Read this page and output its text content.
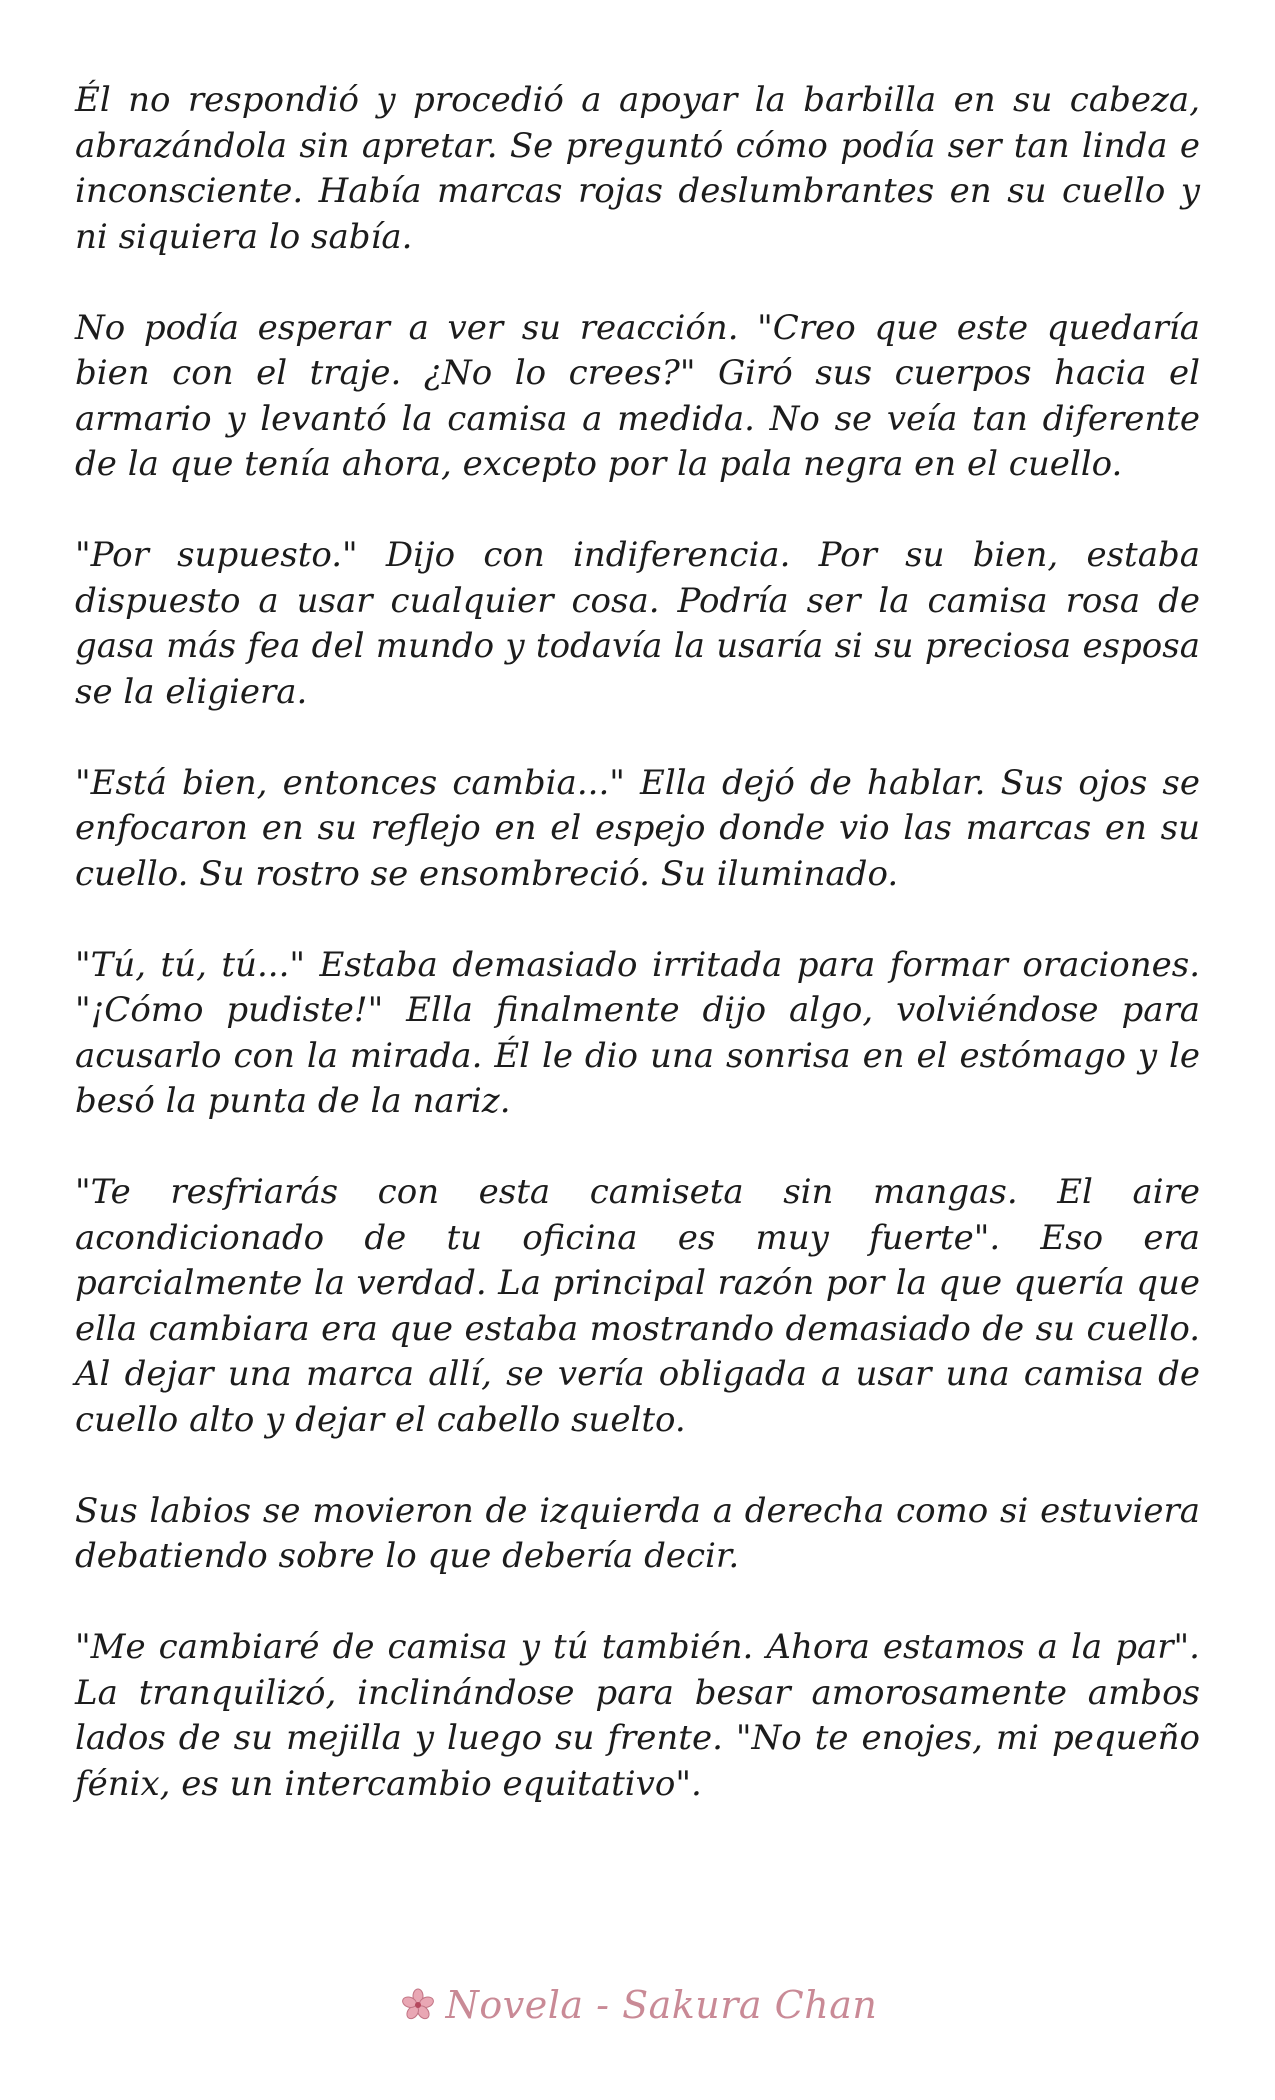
Él no respondió y procedió a apoyar la barbilla en su cabeza, abrazándola sin apretar. Se preguntó cómo podía ser tan linda e inconsciente. Había marcas rojas deslumbrantes en su cuello y ni siquiera lo sabía.

No podía esperar a ver su reacción. "Creo que este quedaría bien con el traje. ¿No lo crees?" Giró sus cuerpos hacia el armario y levantó la camisa a medida. No se veía tan diferente de la que tenía ahora, excepto por la pala negra en el cuello.

"Por supuesto." Dijo con indiferencia. Por su bien, estaba dispuesto a usar cualquier cosa. Podría ser la camisa rosa de gasa más fea del mundo y todavía la usaría si su preciosa esposa se la eligiera.

"Está bien, entonces cambia..." Ella dejó de hablar. Sus ojos se enfocaron en su reflejo en el espejo donde vio las marcas en su cuello. Su rostro se ensombreció. Su iluminado.

"Tú, tú, tú..." Estaba demasiado irritada para formar oraciones. "¡Cómo pudiste!" Ella finalmente dijo algo, volviéndose para acusarlo con la mirada. Él le dio una sonrisa en el estómago y le besó la punta de la nariz.

"Te resfriarás con esta camiseta sin mangas. El aire acondicionado de tu oficina es muy fuerte". Eso era parcialmente la verdad. La principal razón por la que quería que ella cambiara era que estaba mostrando demasiado de su cuello. Al dejar una marca allí, se vería obligada a usar una camisa de cuello alto y dejar el cabello suelto.

Sus labios se movieron de izquierda a derecha como si estuviera debatiendo sobre lo que debería decir.

"Me cambiaré de camisa y tú también. Ahora estamos a la par". La tranquilizó, inclinándose para besar amorosamente ambos lados de su mejilla y luego su frente. "No te enojes, mi pequeño fénix, es un intercambio equitativo".

Novela - Sakura Chan
